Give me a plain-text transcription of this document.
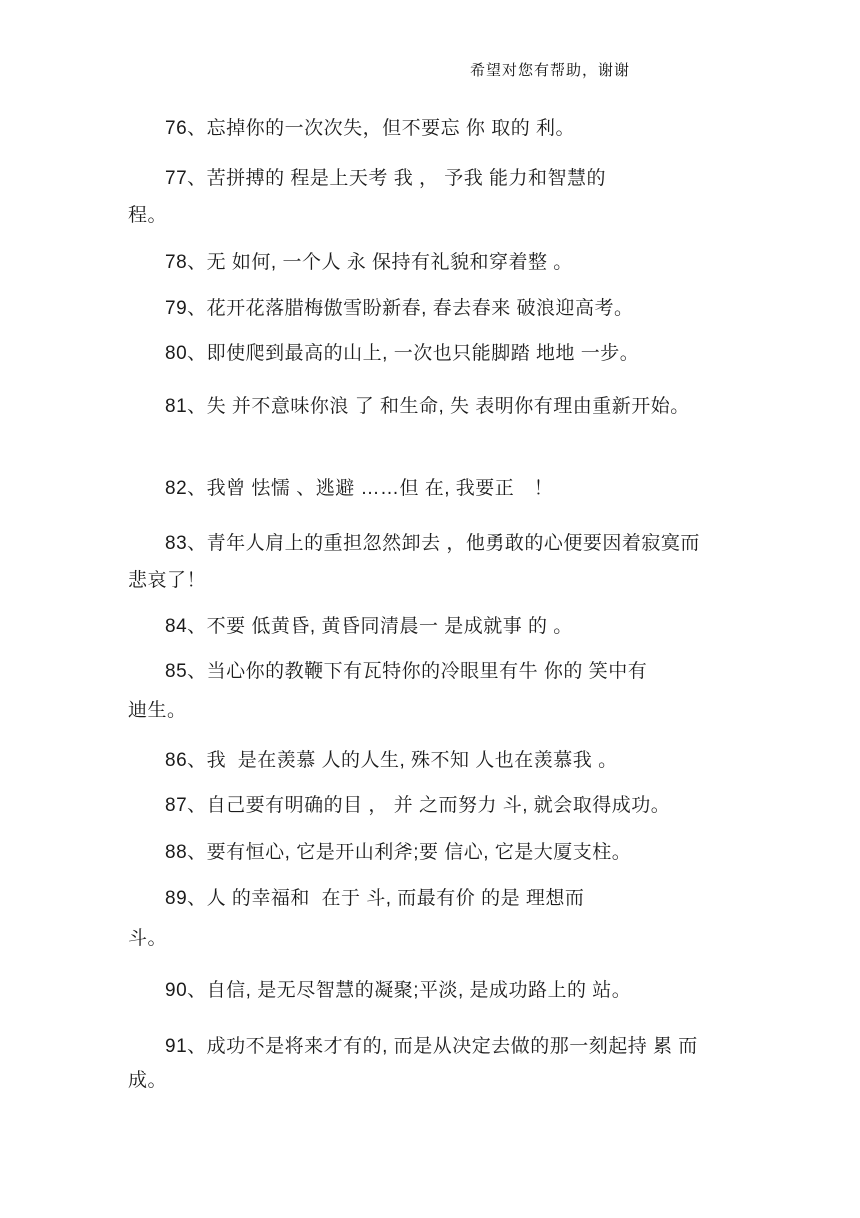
希望对您有帮助，谢谢
76、忘掉你的一次次失，但不要忘 你 取的 利。
77、苦拼搏的 程是上天考 我 ， 予我 能力和智慧的
程。
78、无 如何, 一个人 永 保持有礼貌和穿着整 。
79、花开花落腊梅傲雪盼新春, 春去春来 破浪迎高考。
80、即使爬到最高的山上, 一次也只能脚踏 地地 一步。
81、失 并不意味你浪 了 和生命, 失 表明你有理由重新开始。
82、我曾 怯懦 、逃避 ……但 在, 我要正　！
83、青年人肩上的重担忽然卸去 ，他勇敢的心便要因着寂寞而
悲哀了！
84、不要 低黄昏, 黄昏同清晨一 是成就事 的 。
85、当心你的教鞭下有瓦特你的冷眼里有牛 你的 笑中有
迪生。
86、我  是在羡慕 人的人生, 殊不知 人也在羡慕我 。
87、自己要有明确的目 ， 并 之而努力 斗, 就会取得成功。
88、要有恒心, 它是开山利斧;要 信心, 它是大厦支柱。
89、人 的幸福和  在于 斗, 而最有价 的是 理想而
斗。
90、自信, 是无尽智慧的凝聚;平淡, 是成功路上的 站。
91、成功不是将来才有的, 而是从决定去做的那一刻起持 累 而
成。
